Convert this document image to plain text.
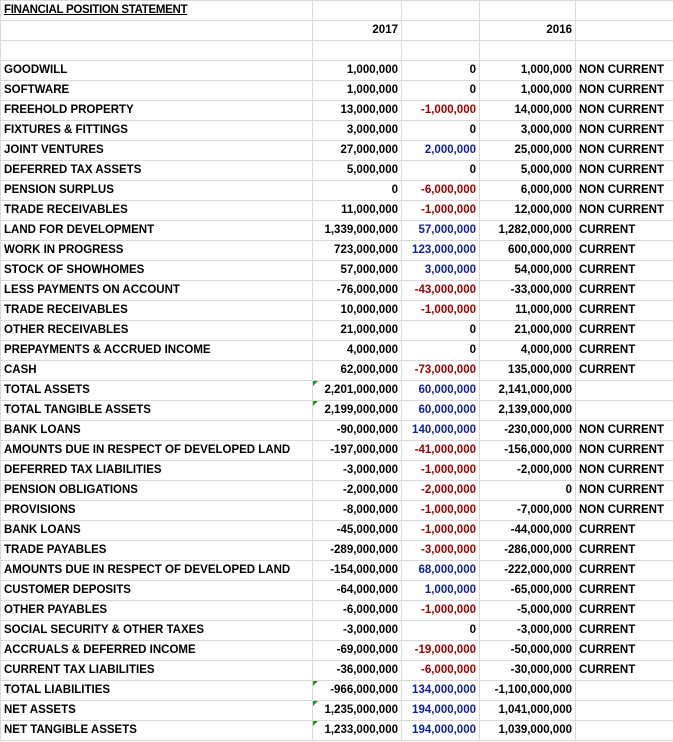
FINANCIAL POSITION STATEMENT				
	2017		2016	

GOODWILL	1,000,000	0	1,000,000	NON CURRENT
SOFTWARE	1,000,000	0	1,000,000	NON CURRENT
FREEHOLD PROPERTY	13,000,000	-1,000,000	14,000,000	NON CURRENT
FIXTURES & FITTINGS	3,000,000	0	3,000,000	NON CURRENT
JOINT VENTURES	27,000,000	2,000,000	25,000,000	NON CURRENT
DEFERRED TAX ASSETS	5,000,000	0	5,000,000	NON CURRENT
PENSION SURPLUS	0	-6,000,000	6,000,000	NON CURRENT
TRADE RECEIVABLES	11,000,000	-1,000,000	12,000,000	NON CURRENT
LAND FOR DEVELOPMENT	1,339,000,000	57,000,000	1,282,000,000	CURRENT
WORK IN PROGRESS	723,000,000	123,000,000	600,000,000	CURRENT
STOCK OF SHOWHOMES	57,000,000	3,000,000	54,000,000	CURRENT
LESS PAYMENTS ON ACCOUNT	-76,000,000	-43,000,000	-33,000,000	CURRENT
TRADE RECEIVABLES	10,000,000	-1,000,000	11,000,000	CURRENT
OTHER RECEIVABLES	21,000,000	0	21,000,000	CURRENT
PREPAYMENTS & ACCRUED INCOME	4,000,000	0	4,000,000	CURRENT
CASH	62,000,000	-73,000,000	135,000,000	CURRENT
TOTAL ASSETS	2,201,000,000	60,000,000	2,141,000,000	
TOTAL TANGIBLE ASSETS	2,199,000,000	60,000,000	2,139,000,000	
BANK LOANS	-90,000,000	140,000,000	-230,000,000	NON CURRENT
AMOUNTS DUE IN RESPECT OF DEVELOPED LAND	-197,000,000	-41,000,000	-156,000,000	NON CURRENT
DEFERRED TAX LIABILITIES	-3,000,000	-1,000,000	-2,000,000	NON CURRENT
PENSION OBLIGATIONS	-2,000,000	-2,000,000	0	NON CURRENT
PROVISIONS	-8,000,000	-1,000,000	-7,000,000	NON CURRENT
BANK LOANS	-45,000,000	-1,000,000	-44,000,000	CURRENT
TRADE PAYABLES	-289,000,000	-3,000,000	-286,000,000	CURRENT
AMOUNTS DUE IN RESPECT OF DEVELOPED LAND	-154,000,000	68,000,000	-222,000,000	CURRENT
CUSTOMER DEPOSITS	-64,000,000	1,000,000	-65,000,000	CURRENT
OTHER PAYABLES	-6,000,000	-1,000,000	-5,000,000	CURRENT
SOCIAL SECURITY & OTHER TAXES	-3,000,000	0	-3,000,000	CURRENT
ACCRUALS & DEFERRED INCOME	-69,000,000	-19,000,000	-50,000,000	CURRENT
CURRENT TAX LIABILITIES	-36,000,000	-6,000,000	-30,000,000	CURRENT
TOTAL LIABILITIES	-966,000,000	134,000,000	-1,100,000,000	
NET ASSETS	1,235,000,000	194,000,000	1,041,000,000	
NET TANGIBLE ASSETS	1,233,000,000	194,000,000	1,039,000,000	
